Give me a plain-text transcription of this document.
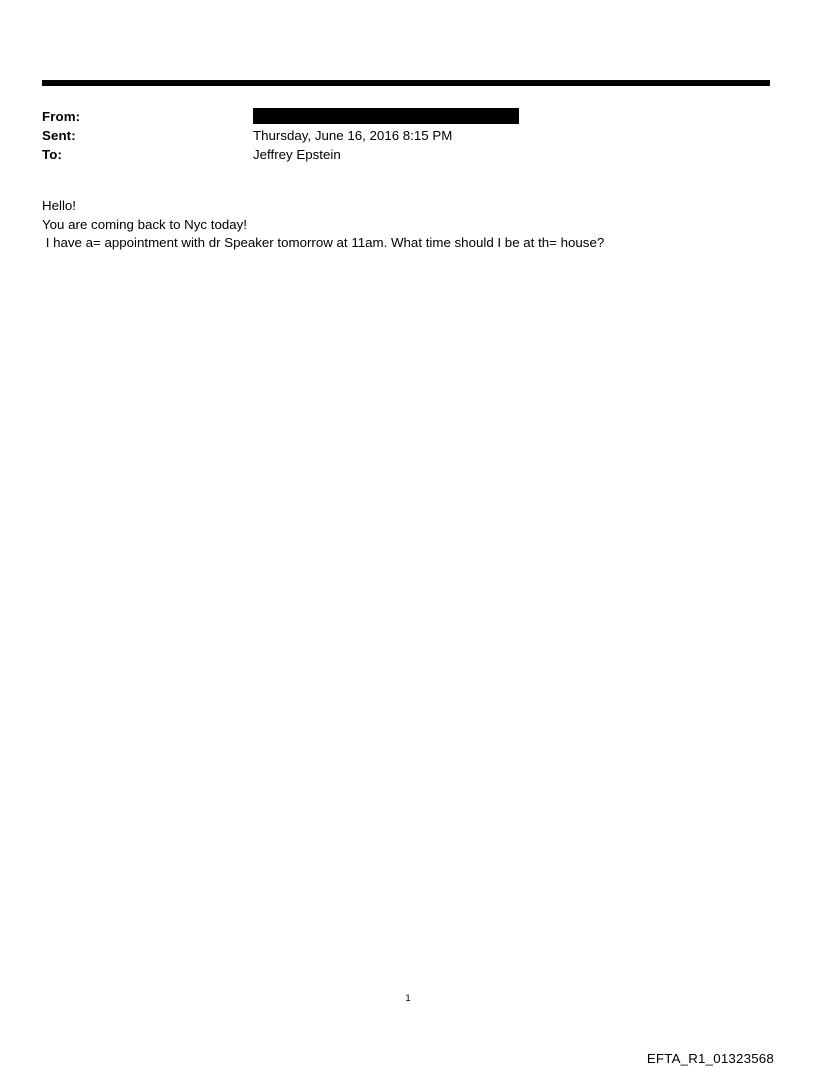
From:
Sent:	Thursday, June 16, 2016 8:15 PM
To:	Jeffrey Epstein

Hello!

You are coming back to Nyc today!

I have a= appointment with dr Speaker tomorrow at 11am. What time should I be at th= house?

1
EFTA_R1_01323568
